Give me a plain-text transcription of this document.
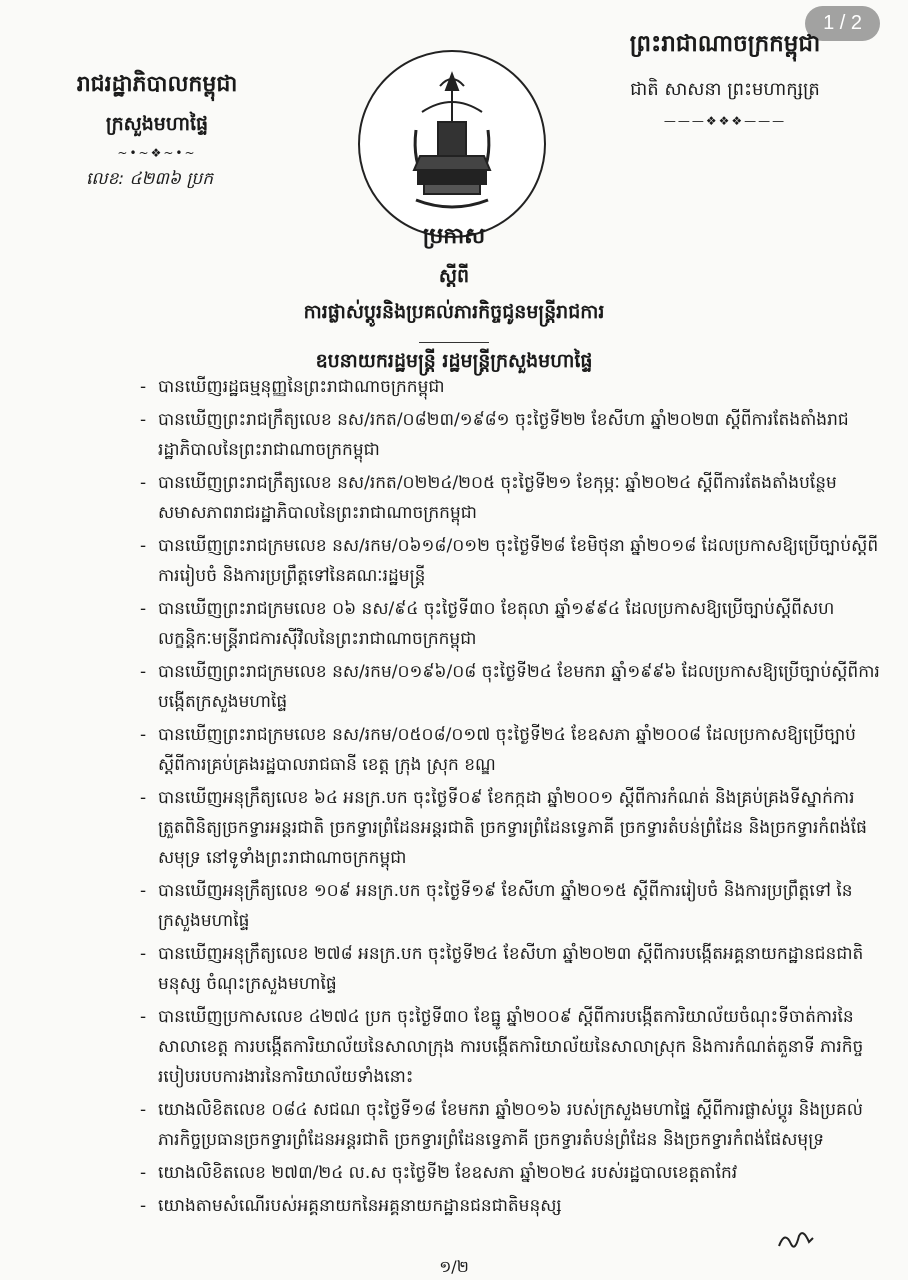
1 / 2
រាជរដ្ឋាភិបាលកម្ពុជា
ក្រសួងមហាផ្ទៃ
~•~❖~•~
លេខ: ៤២៣៦ ប្រក
ព្រះរាជាណាចក្រកម្ពុជា
ជាតិ សាសនា ព្រះមហាក្សត្រ
———❖❖❖———
ប្រកាស
ស្តីពី
ការផ្លាស់ប្តូរនិងប្រគល់ភារកិច្ចជូនមន្ត្រីរាជការ
ឧបនាយករដ្ឋមន្ត្រី រដ្ឋមន្ត្រីក្រសួងមហាផ្ទៃ
- បានឃើញរដ្ឋធម្មនុញ្ញនៃព្រះរាជាណាចក្រកម្ពុជា
- បានឃើញព្រះរាជក្រឹត្យលេខ នស/រកត/០៨២៣/១៩៨១ ចុះថ្ងៃទី២២ ខែសីហា ឆ្នាំ២០២៣ ស្តីពីការតែងតាំងរាជរដ្ឋាភិបាលនៃព្រះរាជាណាចក្រកម្ពុជា
- បានឃើញព្រះរាជក្រឹត្យលេខ នស/រកត/០២២៤/២០៥ ចុះថ្ងៃទី២១ ខែកុម្ភៈ ឆ្នាំ២០២៤ ស្តីពីការតែងតាំងបន្ថែមសមាសភាពរាជរដ្ឋាភិបាលនៃព្រះរាជាណាចក្រកម្ពុជា
- បានឃើញព្រះរាជក្រមលេខ នស/រកម/០៦១៨/០១២ ចុះថ្ងៃទី២៨ ខែមិថុនា ឆ្នាំ២០១៨ ដែលប្រកាសឱ្យប្រើច្បាប់ស្តីពីការរៀបចំ និងការប្រព្រឹត្តទៅនៃគណៈរដ្ឋមន្ត្រី
- បានឃើញព្រះរាជក្រមលេខ ០៦ នស/៩៤ ចុះថ្ងៃទី៣០ ខែតុលា ឆ្នាំ១៩៩៤ ដែលប្រកាសឱ្យប្រើច្បាប់ស្តីពីសហលក្ខន្តិកៈមន្ត្រីរាជការស៊ីវិលនៃព្រះរាជាណាចក្រកម្ពុជា
- បានឃើញព្រះរាជក្រមលេខ នស/រកម/០១៩៦/០៨ ចុះថ្ងៃទី២៤ ខែមករា ឆ្នាំ១៩៩៦ ដែលប្រកាសឱ្យប្រើច្បាប់ស្តីពីការបង្កើតក្រសួងមហាផ្ទៃ
- បានឃើញព្រះរាជក្រមលេខ នស/រកម/០៥០៨/០១៧ ចុះថ្ងៃទី២៤ ខែឧសភា ឆ្នាំ២០០៨ ដែលប្រកាសឱ្យប្រើច្បាប់ស្តីពីការគ្រប់គ្រងរដ្ឋបាលរាជធានី ខេត្ត ក្រុង ស្រុក ខណ្ឌ
- បានឃើញអនុក្រឹត្យលេខ ៦៤ អនក្រ.បក ចុះថ្ងៃទី០៩ ខែកក្កដា ឆ្នាំ២០០១ ស្តីពីការកំណត់ និងគ្រប់គ្រងទីស្នាក់ការត្រួតពិនិត្យច្រកទ្វារអន្តរជាតិ ច្រកទ្វារព្រំដែនអន្តរជាតិ ច្រកទ្វារព្រំដែនទ្វេភាគី ច្រកទ្វារតំបន់ព្រំដែន និងច្រកទ្វារកំពង់ផែសមុទ្រ នៅទូទាំងព្រះរាជាណាចក្រកម្ពុជា
- បានឃើញអនុក្រឹត្យលេខ ១០៩ អនក្រ.បក ចុះថ្ងៃទី១៩ ខែសីហា ឆ្នាំ២០១៥ ស្តីពីការរៀបចំ និងការប្រព្រឹត្តទៅ នៃក្រសួងមហាផ្ទៃ
- បានឃើញអនុក្រឹត្យលេខ ២៧៨ អនក្រ.បក ចុះថ្ងៃទី២៤ ខែសីហា ឆ្នាំ២០២៣ ស្តីពីការបង្កើតអគ្គនាយកដ្ឋានជនជាតិមនុស្ស ចំណុះក្រសួងមហាផ្ទៃ
- បានឃើញប្រកាសលេខ ៤២៧៤ ប្រក ចុះថ្ងៃទី៣០ ខែធ្នូ ឆ្នាំ២០០៩ ស្តីពីការបង្កើតការិយាល័យចំណុះទីចាត់ការនៃសាលាខេត្ត ការបង្កើតការិយាល័យនៃសាលាក្រុង ការបង្កើតការិយាល័យនៃសាលាស្រុក និងការកំណត់តួនាទី ភារកិច្ច របៀបរបបការងារនៃការិយាល័យទាំងនោះ
- យោងលិខិតលេខ ០៨៤ សជណ ចុះថ្ងៃទី១៨ ខែមករា ឆ្នាំ២០១៦ របស់ក្រសួងមហាផ្ទៃ ស្តីពីការផ្លាស់ប្តូរ និងប្រគល់ភារកិច្ចប្រធានច្រកទ្វារព្រំដែនអន្តរជាតិ ច្រកទ្វារព្រំដែនទ្វេភាគី ច្រកទ្វារតំបន់ព្រំដែន និងច្រកទ្វារកំពង់ផែសមុទ្រ
- យោងលិខិតលេខ ២៧៣/២៤ ល.ស ចុះថ្ងៃទី២ ខែឧសភា ឆ្នាំ២០២៤ របស់រដ្ឋបាលខេត្តតាកែវ
- យោងតាមសំណើរបស់អគ្គនាយកនៃអគ្គនាយកដ្ឋានជនជាតិមនុស្ស
១/២
